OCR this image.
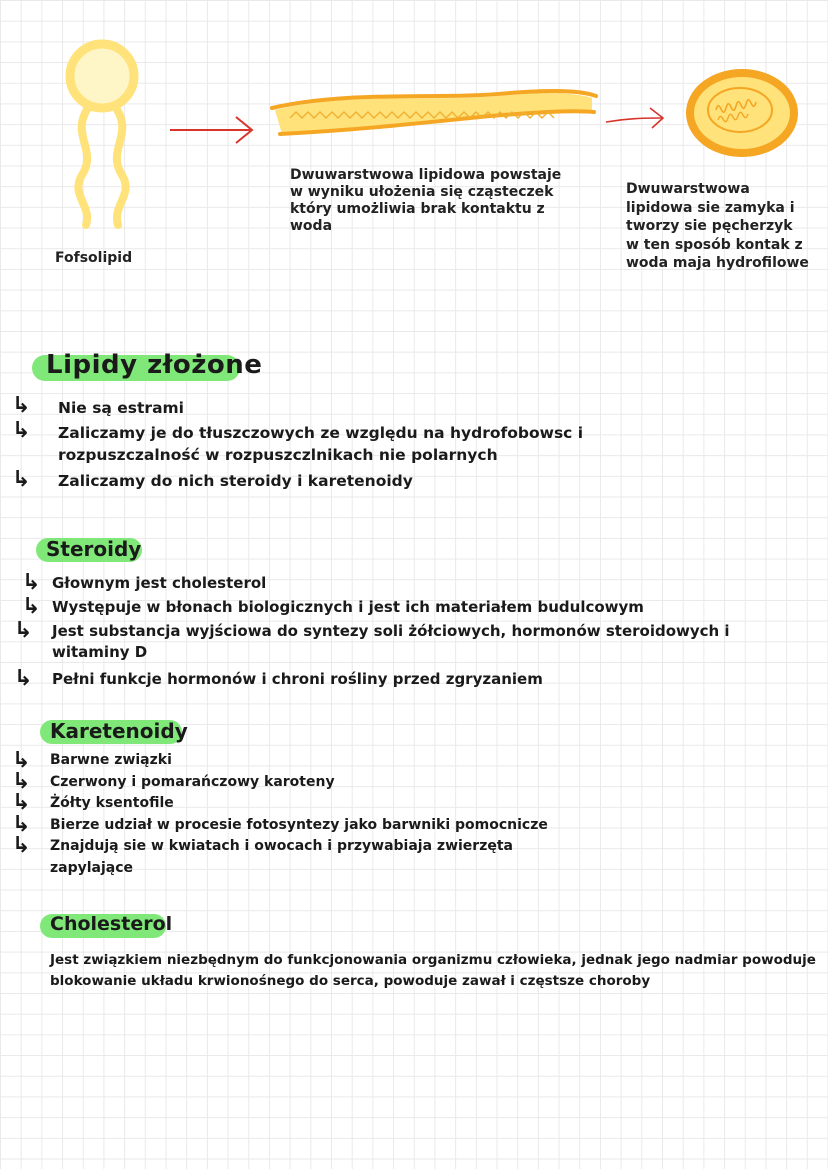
Fofsolipid
Dwuwarstwowa lipidowa powstaje
w wyniku ułożenia się cząsteczek
który umożliwia brak kontaktu z
woda
Dwuwarstwowa
lipidowa sie zamyka i
tworzy sie pęcherzyk
w ten sposób kontak z
woda maja hydrofilowe
Lipidy złożone
↳ Nie są estrami
↳ Zaliczamy je do tłuszczowych ze względu na hydrofobowsc i
rozpuszczalność w rozpuszczlnikach nie polarnych
↳ Zaliczamy do nich steroidy i karetenoidy
Steroidy
↳ Głownym jest cholesterol
↳ Występuje w błonach biologicznych i jest ich materiałem budulcowym
↳ Jest substancja wyjściowa do syntezy soli żółciowych, hormonów steroidowych i
witaminy D
↳ Pełni funkcje hormonów i chroni rośliny przed zgryzaniem
Karetenoidy
↳
↳
↳
↳
↳
Barwne związki
Czerwony i pomarańczowy karoteny
Żółty ksentofile
Bierze udział w procesie fotosyntezy jako barwniki pomocnicze
Znajdują sie w kwiatach i owocach i przywabiaja zwierzęta
zapylające
Cholesterol
Jest związkiem niezbędnym do funkcjonowania organizmu człowieka, jednak jego nadmiar powoduje
blokowanie układu krwionośnego do serca, powoduje zawał i częstsze choroby
